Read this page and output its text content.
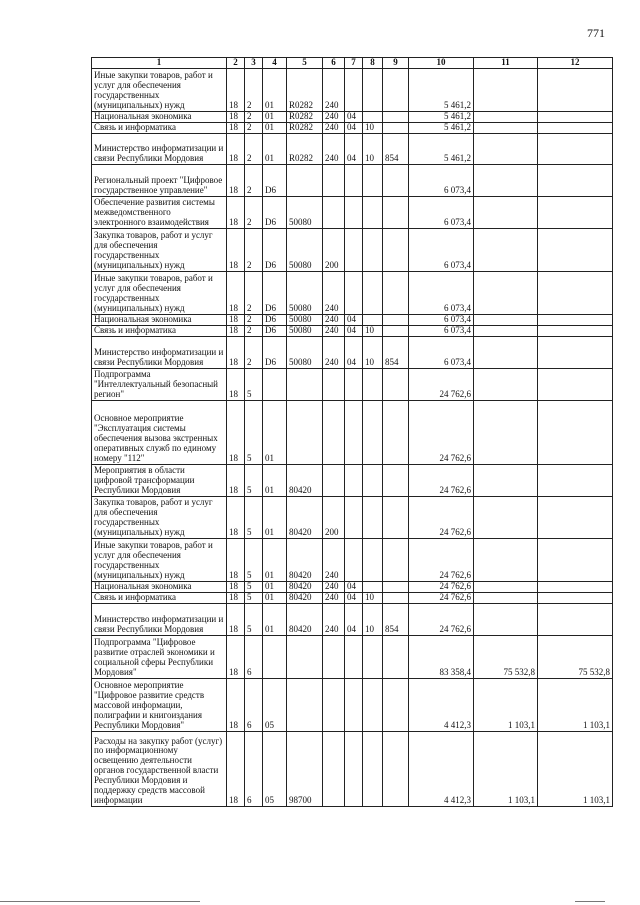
771
1	2	3	4	5	6	7	8	9	10	11	12
Иные закупки товаров, работ и услуг для обеспечения государственных (муниципальных) нужд	18	2	01	R0282	240				5 461,2		
Национальная экономика	18	2	01	R0282	240	04			5 461,2		
Связь и информатика	18	2	01	R0282	240	04	10		5 461,2		
Министерство информатизации и связи Республики Мордовия	18	2	01	R0282	240	04	10	854	5 461,2		
Региональный проект "Цифровое государственное управление"	18	2	D6						6 073,4		
Обеспечение развития системы межведомственного электронного взаимодействия	18	2	D6	50080					6 073,4		
Закупка товаров, работ и услуг для обеспечения государственных (муниципальных) нужд	18	2	D6	50080	200				6 073,4		
Иные закупки товаров, работ и услуг для обеспечения государственных (муниципальных) нужд	18	2	D6	50080	240				6 073,4		
Национальная экономика	18	2	D6	50080	240	04			6 073,4		
Связь и информатика	18	2	D6	50080	240	04	10		6 073,4		
Министерство информатизации и связи Республики Мордовия	18	2	D6	50080	240	04	10	854	6 073,4		
Подпрограмма "Интеллектуальный безопасный регион"	18	5							24 762,6		
Основное мероприятие "Эксплуатация системы обеспечения вызова экстренных оперативных служб по единому номеру "112"	18	5	01						24 762,6		
Мероприятия в области цифровой трансформации Республики Мордовия	18	5	01	80420					24 762,6		
Закупка товаров, работ и услуг для обеспечения государственных (муниципальных) нужд	18	5	01	80420	200				24 762,6		
Иные закупки товаров, работ и услуг для обеспечения государственных (муниципальных) нужд	18	5	01	80420	240				24 762,6		
Национальная экономика	18	5	01	80420	240	04			24 762,6		
Связь и информатика	18	5	01	80420	240	04	10		24 762,6		
Министерство информатизации и связи Республики Мордовия	18	5	01	80420	240	04	10	854	24 762,6		
Подпрограмма "Цифровое развитие отраслей экономики и социальной сферы Республики Мордовия"	18	6							83 358,4	75 532,8	75 532,8
Основное мероприятие "Цифровое развитие средств массовой информации, полиграфии и книгоиздания Республики Мордовия"	18	6	05						4 412,3	1 103,1	1 103,1
Расходы на закупку работ (услуг) по информационному освещению деятельности органов государственной власти Республики Мордовия и поддержку средств массовой информации	18	6	05	98700					4 412,3	1 103,1	1 103,1
